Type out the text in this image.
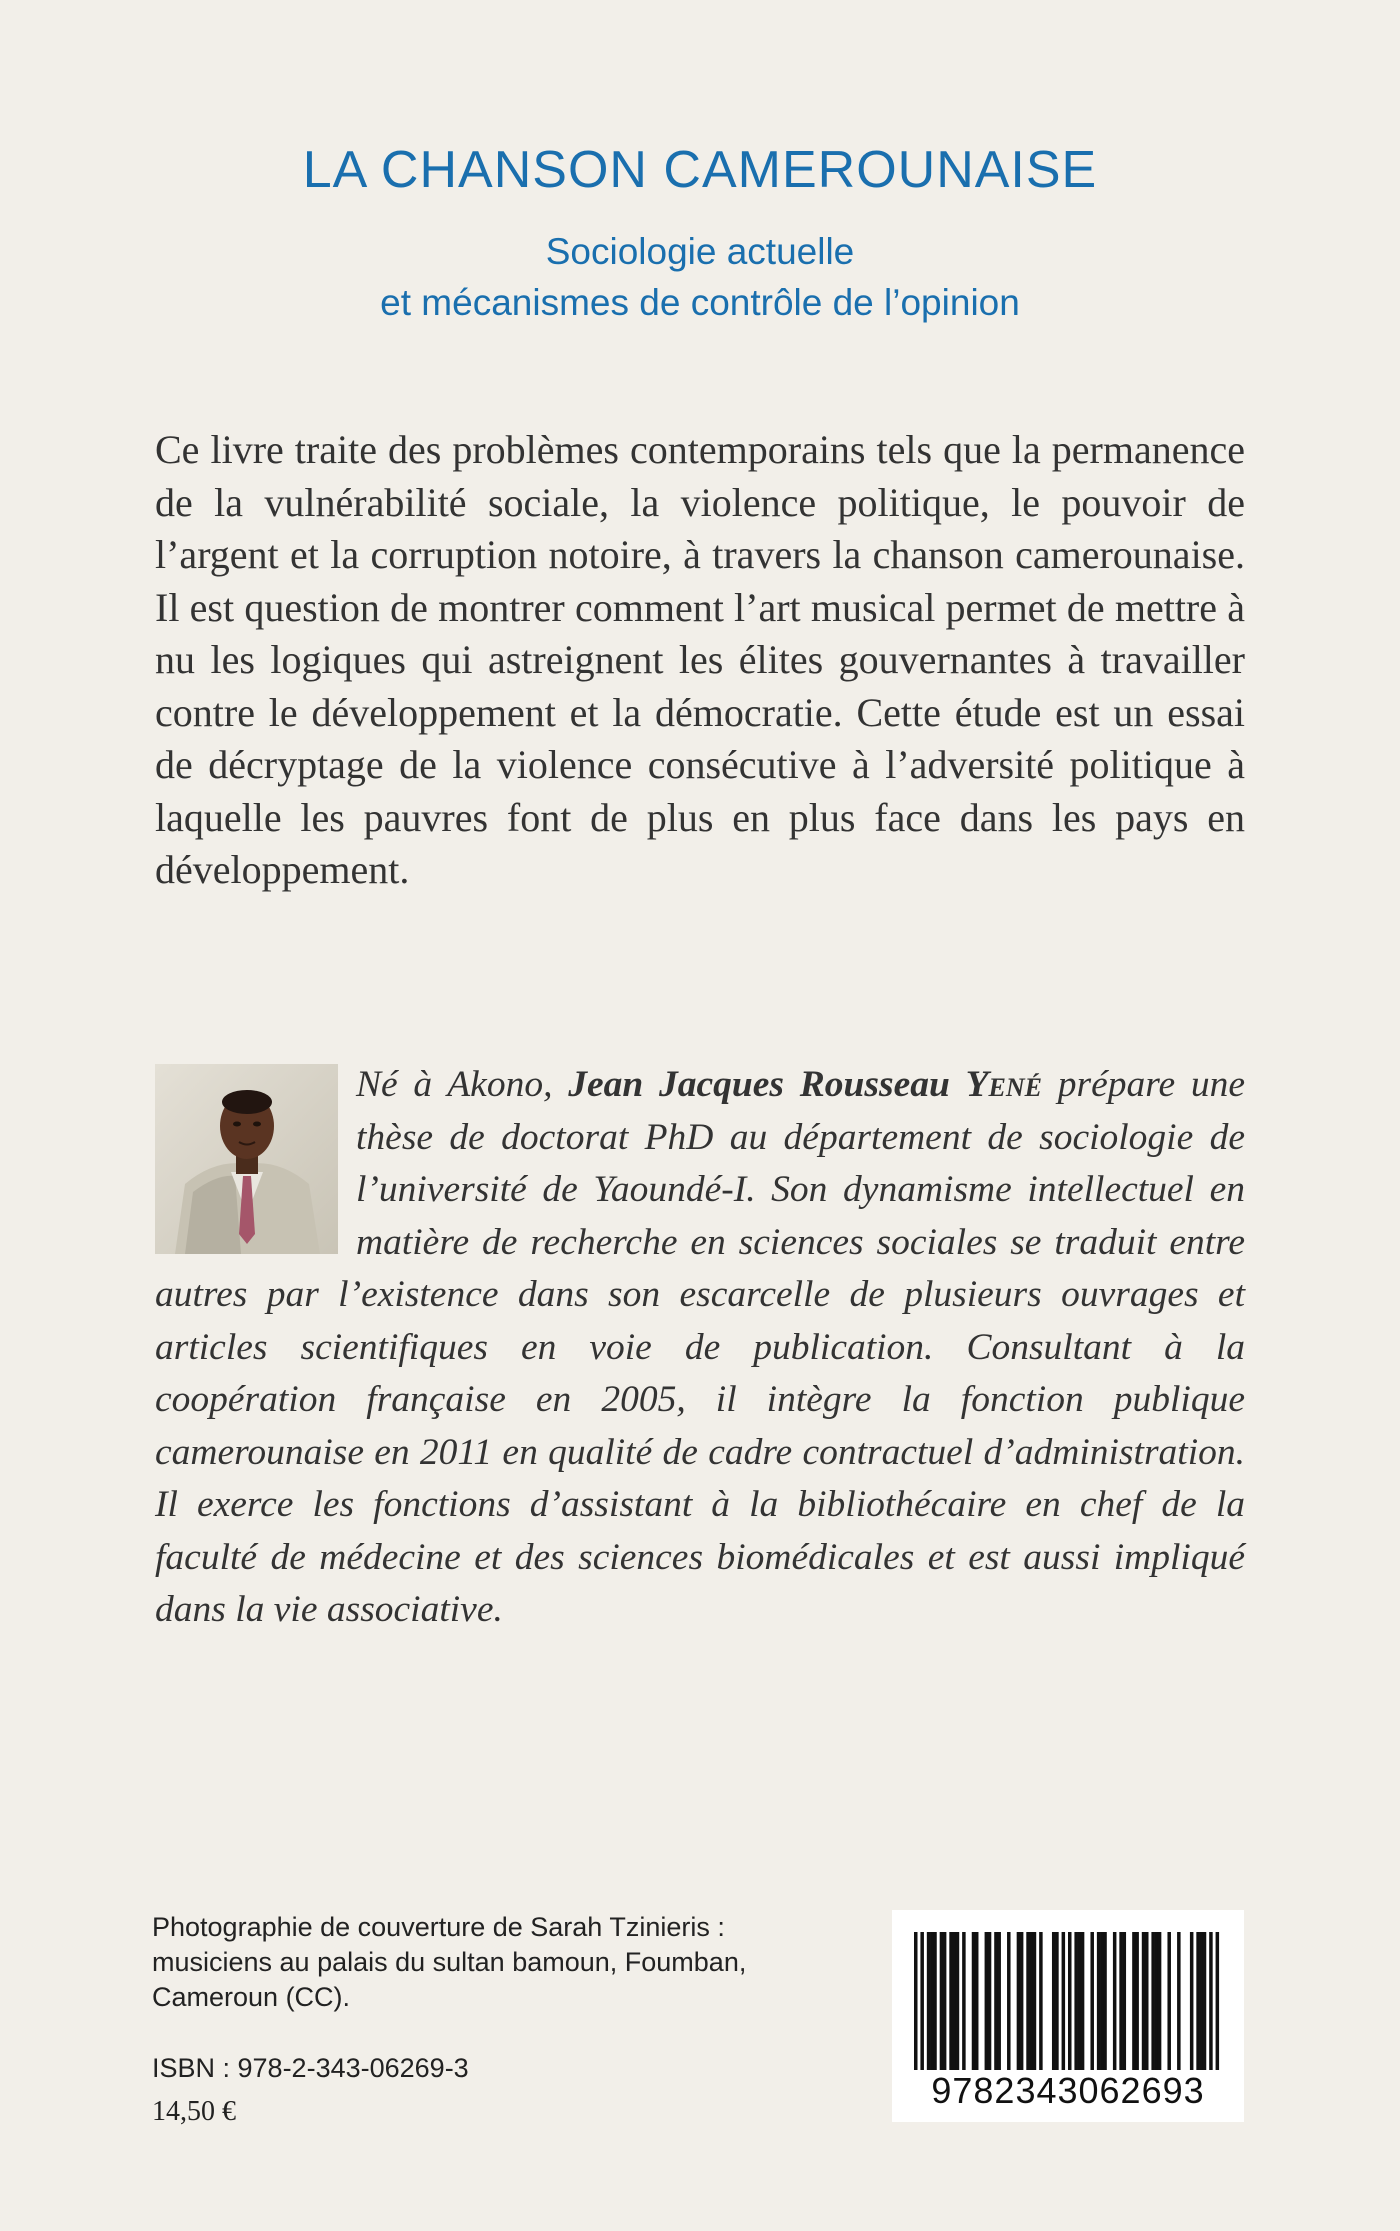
LA CHANSON CAMEROUNAISE
Sociologie actuelle
et mécanismes de contrôle de l’opinion
Ce livre traite des problèmes contemporains tels que la permanence de la vulnérabilité sociale, la violence politique, le pouvoir de l’argent et la corruption notoire, à travers la chanson camerounaise. Il est question de montrer comment l’art musical permet de mettre à nu les logiques qui astreignent les élites gouvernantes à travailler contre le développement et la démocratie. Cette étude est un essai de décryptage de la violence consécutive à l’adversité politique à laquelle les pauvres font de plus en plus face dans les pays en développement.
Né à Akono, Jean Jacques Rousseau Yené prépare une thèse de doctorat PhD au département de sociologie de l’université de Yaoundé-I. Son dynamisme intellectuel en matière de recherche en sciences sociales se traduit entre autres par l’existence dans son escarcelle de plusieurs ouvrages et articles scientifiques en voie de publication. Consultant à la coopération française en 2005, il intègre la fonction publique camerounaise en 2011 en qualité de cadre contractuel d’administration. Il exerce les fonctions d’assistant à la bibliothécaire en chef de la faculté de médecine et des sciences biomédicales et est aussi impliqué dans la vie associative.
Photographie de couverture de Sarah Tzinieris :
musiciens au palais du sultan bamoun, Foumban,
Cameroun (CC).
ISBN : 978-2-343-06269-3
14,50 €
9782343062693
